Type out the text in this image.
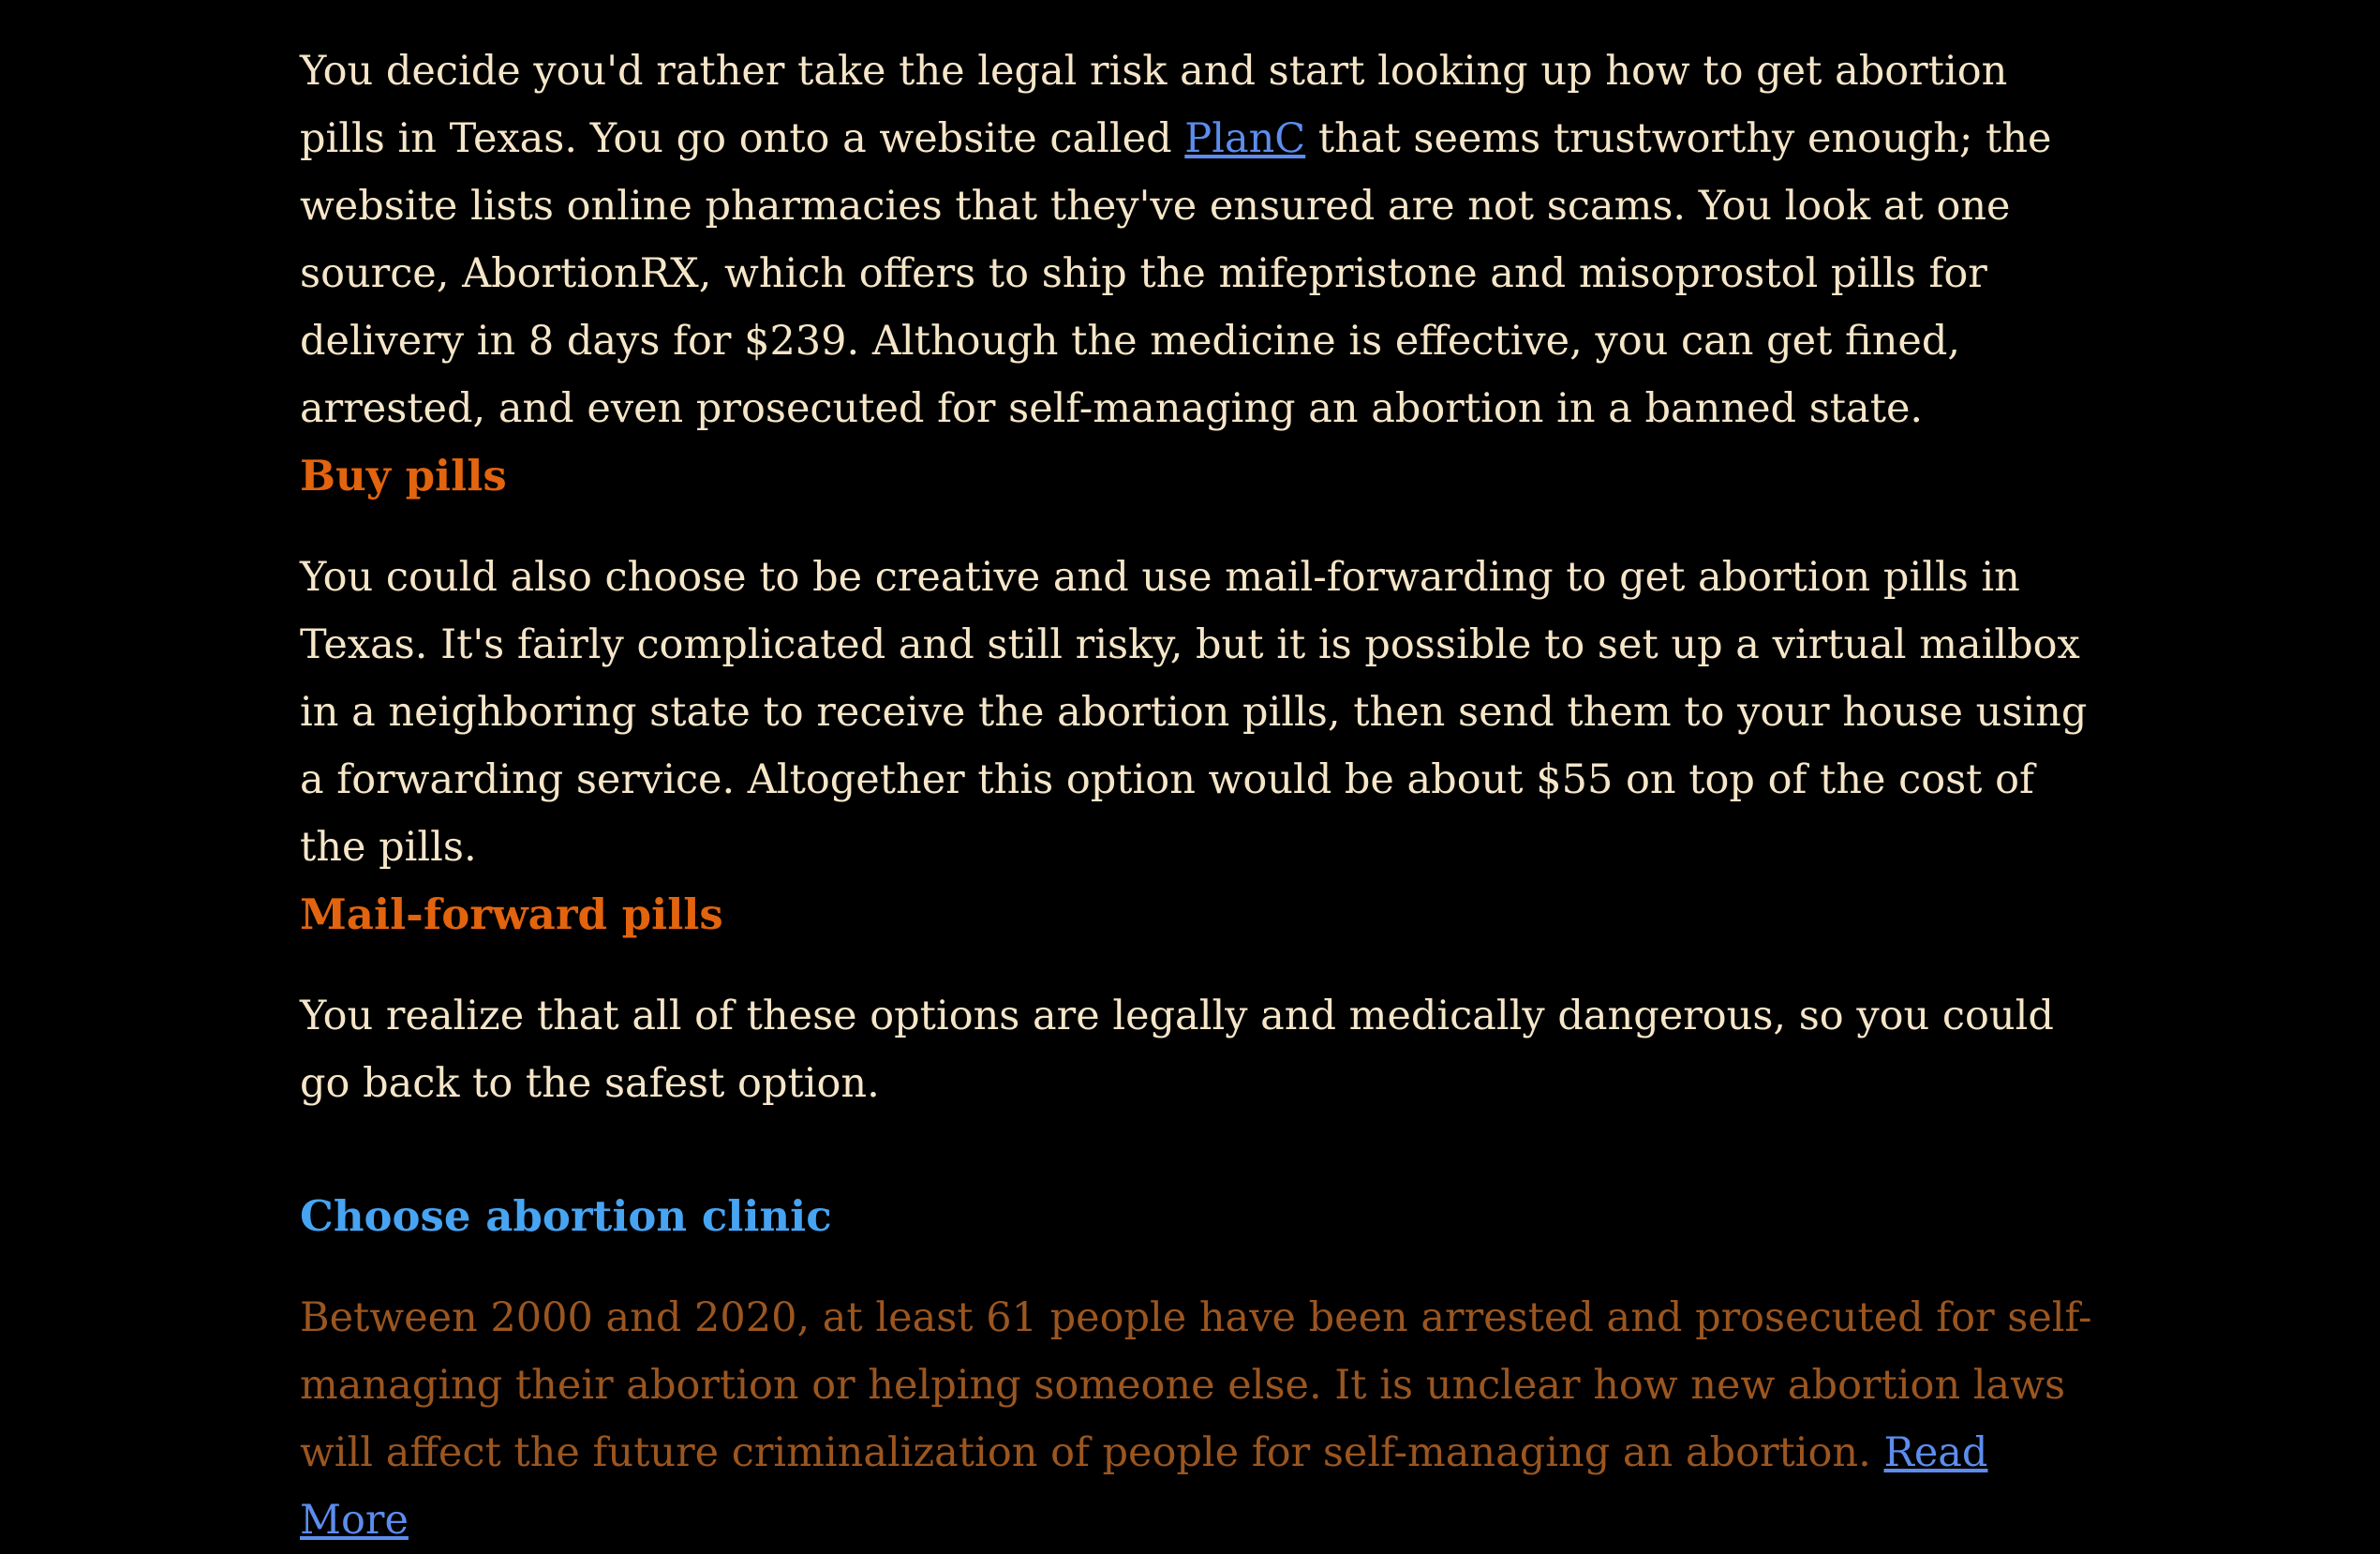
You decide you'd rather take the legal risk and start looking up how to get abortion pills in Texas. You go onto a website called PlanC that seems trustworthy enough; the website lists online pharmacies that they've ensured are not scams. You look at one source, AbortionRX, which offers to ship the mifepristone and misoprostol pills for delivery in 8 days for $239. Although the medicine is effective, you can get fined, arrested, and even prosecuted for self-managing an abortion in a banned state.

Buy pills

You could also choose to be creative and use mail-forwarding to get abortion pills in Texas. It's fairly complicated and still risky, but it is possible to set up a virtual mailbox in a neighboring state to receive the abortion pills, then send them to your house using a forwarding service. Altogether this option would be about $55 on top of the cost of the pills.

Mail-forward pills

You realize that all of these options are legally and medically dangerous, so you could go back to the safest option.

Choose abortion clinic

Between 2000 and 2020, at least 61 people have been arrested and prosecuted for self-managing their abortion or helping someone else. It is unclear how new abortion laws will affect the future criminalization of people for self-managing an abortion. Read More
